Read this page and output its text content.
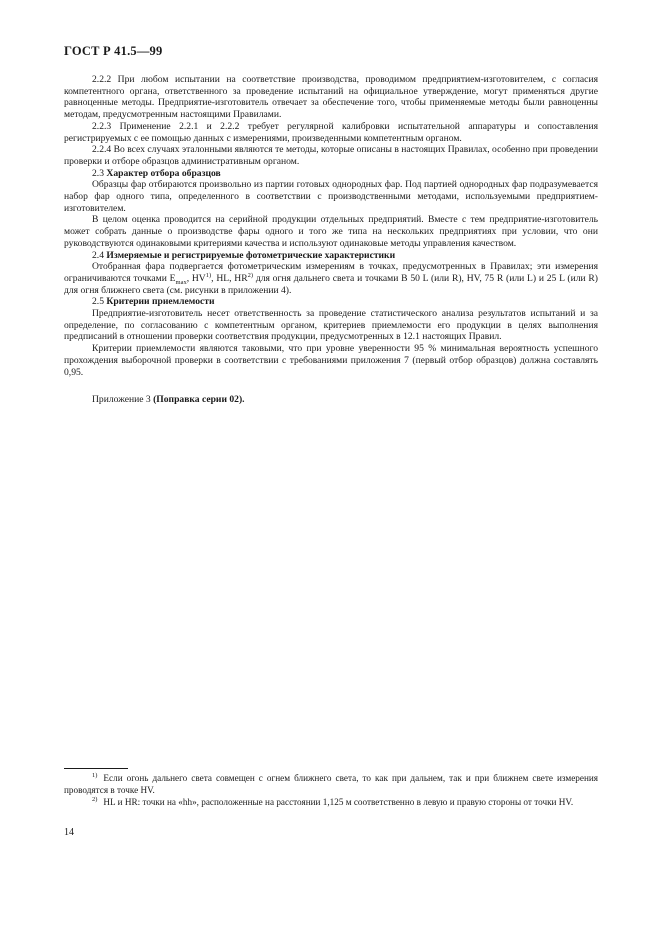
ГОСТ Р 41.5—99

2.2.2 При любом испытании на соответствие производства, проводимом предприятием-изготовителем, с согласия компетентного органа, ответственного за проведение испытаний на официальное утверждение, могут применяться другие равноценные методы. Предприятие-изготовитель отвечает за обеспечение того, чтобы применяемые методы были равноценны методам, предусмотренным настоящими Правилами.

2.2.3 Применение 2.2.1 и 2.2.2 требует регулярной калибровки испытательной аппаратуры и сопоставления регистрируемых с ее помощью данных с измерениями, произведенными компетентным органом.

2.2.4 Во всех случаях эталонными являются те методы, которые описаны в настоящих Правилах, особенно при проведении проверки и отборе образцов административным органом.

2.3 Характер отбора образцов

Образцы фар отбираются произвольно из партии готовых однородных фар. Под партией однородных фар подразумевается набор фар одного типа, определенного в соответствии с производственными методами, используемыми предприятием-изготовителем.

В целом оценка проводится на серийной продукции отдельных предприятий. Вместе с тем предприятие-изготовитель может собрать данные о производстве фары одного и того же типа на нескольких предприятиях при условии, что они руководствуются одинаковыми критериями качества и используют одинаковые методы управления качеством.

2.4 Измеряемые и регистрируемые фотометрические характеристики

Отобранная фара подвергается фотометрическим измерениям в точках, предусмотренных в Правилах; эти измерения ограничиваются точками $E_{max}$, HV$^{1)}$, HL, HR$^{2)}$ для огня дальнего света и точками B 50 L (или R), HV, 75 R (или L) и 25 L (или R) для огня ближнего света (см. рисунки в приложении 4).

2.5 Критерии приемлемости

Предприятие-изготовитель несет ответственность за проведение статистического анализа результатов испытаний и за определение, по согласованию с компетентным органом, критериев приемлемости его продукции в целях выполнения предписаний в отношении проверки соответствия продукции, предусмотренных в 12.1 настоящих Правил.

Критерии приемлемости являются таковыми, что при уровне уверенности 95 % минимальная вероятность успешного прохождения выборочной проверки в соответствии с требованиями приложения 7 (первый отбор образцов) должна составлять 0,95.

Приложение 3 (Поправка серии 02).

$^{1)}$ Если огонь дальнего света совмещен с огнем ближнего света, то как при дальнем, так и при ближнем свете измерения проводятся в точке HV.

$^{2)}$ HL и HR: точки на «hh», расположенные на расстоянии 1,125 м соответственно в левую и правую стороны от точки HV.

14
